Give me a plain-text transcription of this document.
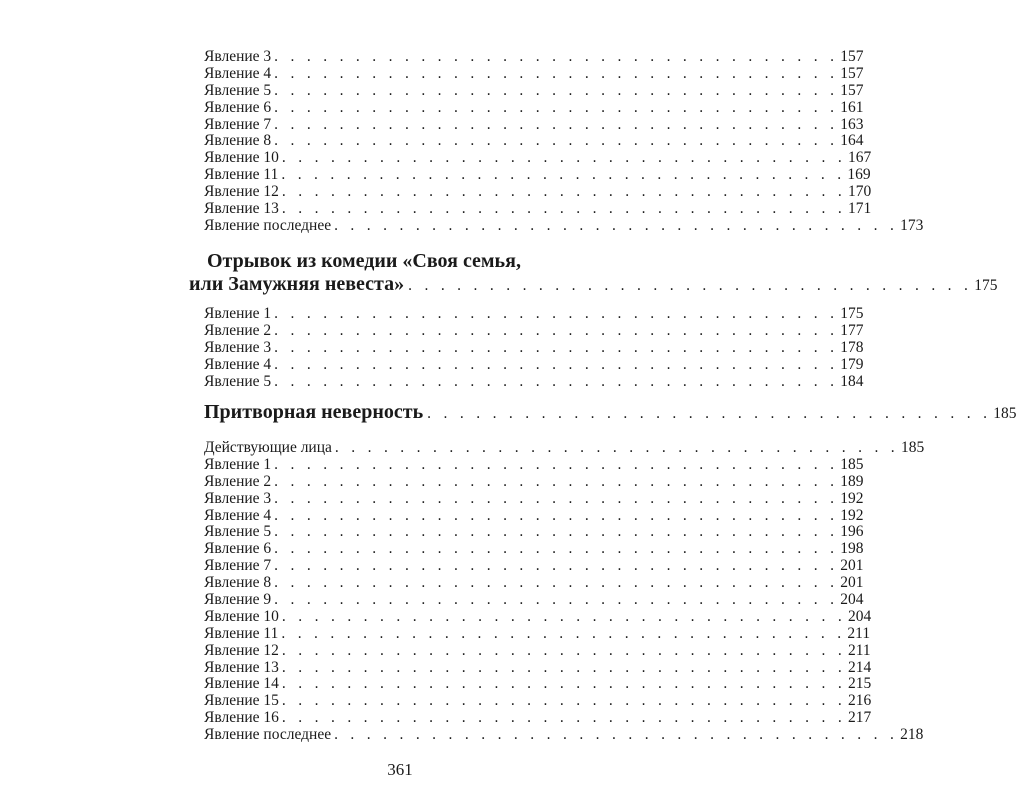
Явление 3 . . . . . . . . . . . . . . . . . . . . . . . . . . . . . . . . . . . 157
Явление 4 . . . . . . . . . . . . . . . . . . . . . . . . . . . . . . . . . . . 157
Явление 5 . . . . . . . . . . . . . . . . . . . . . . . . . . . . . . . . . . . 157
Явление 6 . . . . . . . . . . . . . . . . . . . . . . . . . . . . . . . . . . . 161
Явление 7 . . . . . . . . . . . . . . . . . . . . . . . . . . . . . . . . . . . 163
Явление 8 . . . . . . . . . . . . . . . . . . . . . . . . . . . . . . . . . . . 164
Явление 10 . . . . . . . . . . . . . . . . . . . . . . . . . . . . . . . . . . . 167
Явление 11 . . . . . . . . . . . . . . . . . . . . . . . . . . . . . . . . . . . 169
Явление 12 . . . . . . . . . . . . . . . . . . . . . . . . . . . . . . . . . . . 170
Явление 13 . . . . . . . . . . . . . . . . . . . . . . . . . . . . . . . . . . . 171
Явление последнее . . . . . . . . . . . . . . . . . . . . . . . . . . . . . . . . . . . 173
Отрывок из комедии «Своя семья,
или Замужняя невеста» . . . . . . . . . . . . . . . . . . . . . . . . . . . . . . . . . . . 175
Явление 1 . . . . . . . . . . . . . . . . . . . . . . . . . . . . . . . . . . . 175
Явление 2 . . . . . . . . . . . . . . . . . . . . . . . . . . . . . . . . . . . 177
Явление 3 . . . . . . . . . . . . . . . . . . . . . . . . . . . . . . . . . . . 178
Явление 4 . . . . . . . . . . . . . . . . . . . . . . . . . . . . . . . . . . . 179
Явление 5 . . . . . . . . . . . . . . . . . . . . . . . . . . . . . . . . . . . 184
Притворная неверность . . . . . . . . . . . . . . . . . . . . . . . . . . . . . . . . . . . 185
Действующие лица . . . . . . . . . . . . . . . . . . . . . . . . . . . . . . . . . . . 185
Явление 1 . . . . . . . . . . . . . . . . . . . . . . . . . . . . . . . . . . . 185
Явление 2 . . . . . . . . . . . . . . . . . . . . . . . . . . . . . . . . . . . 189
Явление 3 . . . . . . . . . . . . . . . . . . . . . . . . . . . . . . . . . . . 192
Явление 4 . . . . . . . . . . . . . . . . . . . . . . . . . . . . . . . . . . . 192
Явление 5 . . . . . . . . . . . . . . . . . . . . . . . . . . . . . . . . . . . 196
Явление 6 . . . . . . . . . . . . . . . . . . . . . . . . . . . . . . . . . . . 198
Явление 7 . . . . . . . . . . . . . . . . . . . . . . . . . . . . . . . . . . . 201
Явление 8 . . . . . . . . . . . . . . . . . . . . . . . . . . . . . . . . . . . 201
Явление 9 . . . . . . . . . . . . . . . . . . . . . . . . . . . . . . . . . . . 204
Явление 10 . . . . . . . . . . . . . . . . . . . . . . . . . . . . . . . . . . . 204
Явление 11 . . . . . . . . . . . . . . . . . . . . . . . . . . . . . . . . . . . 211
Явление 12 . . . . . . . . . . . . . . . . . . . . . . . . . . . . . . . . . . . 211
Явление 13 . . . . . . . . . . . . . . . . . . . . . . . . . . . . . . . . . . . 214
Явление 14 . . . . . . . . . . . . . . . . . . . . . . . . . . . . . . . . . . . 215
Явление 15 . . . . . . . . . . . . . . . . . . . . . . . . . . . . . . . . . . . 216
Явление 16 . . . . . . . . . . . . . . . . . . . . . . . . . . . . . . . . . . . 217
Явление последнее . . . . . . . . . . . . . . . . . . . . . . . . . . . . . . . . . . . 218
361
